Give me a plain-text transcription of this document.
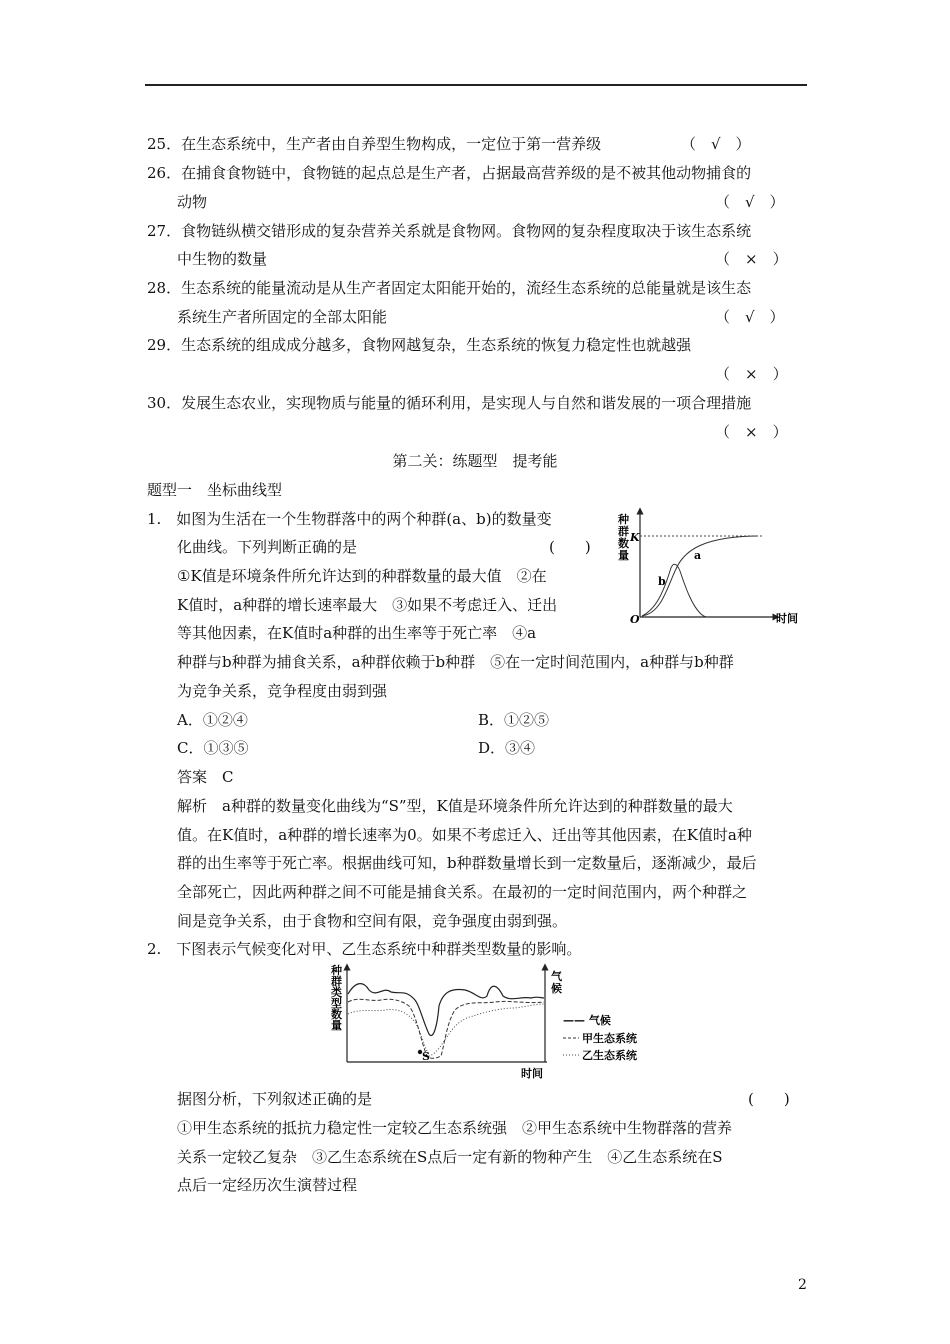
25．在生态系统中，生产者由自养型生物构成，一定位于第一营养级	（　√　）
26．在捕食食物链中，食物链的起点总是生产者，占据最高营养级的是不被其他动物捕食的
动物	（　√　）
27．食物链纵横交错形成的复杂营养关系就是食物网。食物网的复杂程度取决于该生态系统
中生物的数量	（　×　）
28．生态系统的能量流动是从生产者固定太阳能开始的，流经生态系统的总能量就是该生态
系统生产者所固定的全部太阳能	（　√　）
29．生态系统的组成成分越多，食物网越复杂，生态系统的恢复力稳定性也就越强
（　×　）
30．发展生态农业，实现物质与能量的循环利用，是实现人与自然和谐发展的一项合理措施
（　×　）
第二关：练题型　提考能
题型一　坐标曲线型
1.　如图为生活在一个生物群落中的两个种群(a、b)的数量变
化曲线。下列判断正确的是	(　　)
①K值是环境条件所允许达到的种群数量的最大值　②在
K值时，a种群的增长速率最大　③如果不考虑迁入、迁出
等其他因素，在K值时a种群的出生率等于死亡率　④a
种群与b种群为捕食关系，a种群依赖于b种群　⑤在一定时间范围内，a种群与b种群
为竞争关系，竞争程度由弱到强
种
群
数
量
K
O	时间
a
b
A．①②④	B．①②⑤
C．①③⑤	D．③④
答案　C
解析　a种群的数量变化曲线为“S”型，K值是环境条件所允许达到的种群数量的最大
值。在K值时，a种群的增长速率为0。如果不考虑迁入、迁出等其他因素，在K值时a种
群的出生率等于死亡率。根据曲线可知，b种群数量增长到一定数量后，逐渐减少，最后
全部死亡，因此两种群之间不可能是捕食关系。在最初的一定时间范围内，两个种群之
间是竞争关系，由于食物和空间有限，竞争强度由弱到强。
2.　下图表示气候变化对甲、乙生态系统中种群类型数量的影响。
S
种
群
类
型
数
量
气
候
时间
—— 气候
甲生态系统
乙生态系统
据图分析，下列叙述正确的是	(　　)
①甲生态系统的抵抗力稳定性一定较乙生态系统强　②甲生态系统中生物群落的营养
关系一定较乙复杂　③乙生态系统在S点后一定有新的物种产生　④乙生态系统在S
点后一定经历次生演替过程
2
